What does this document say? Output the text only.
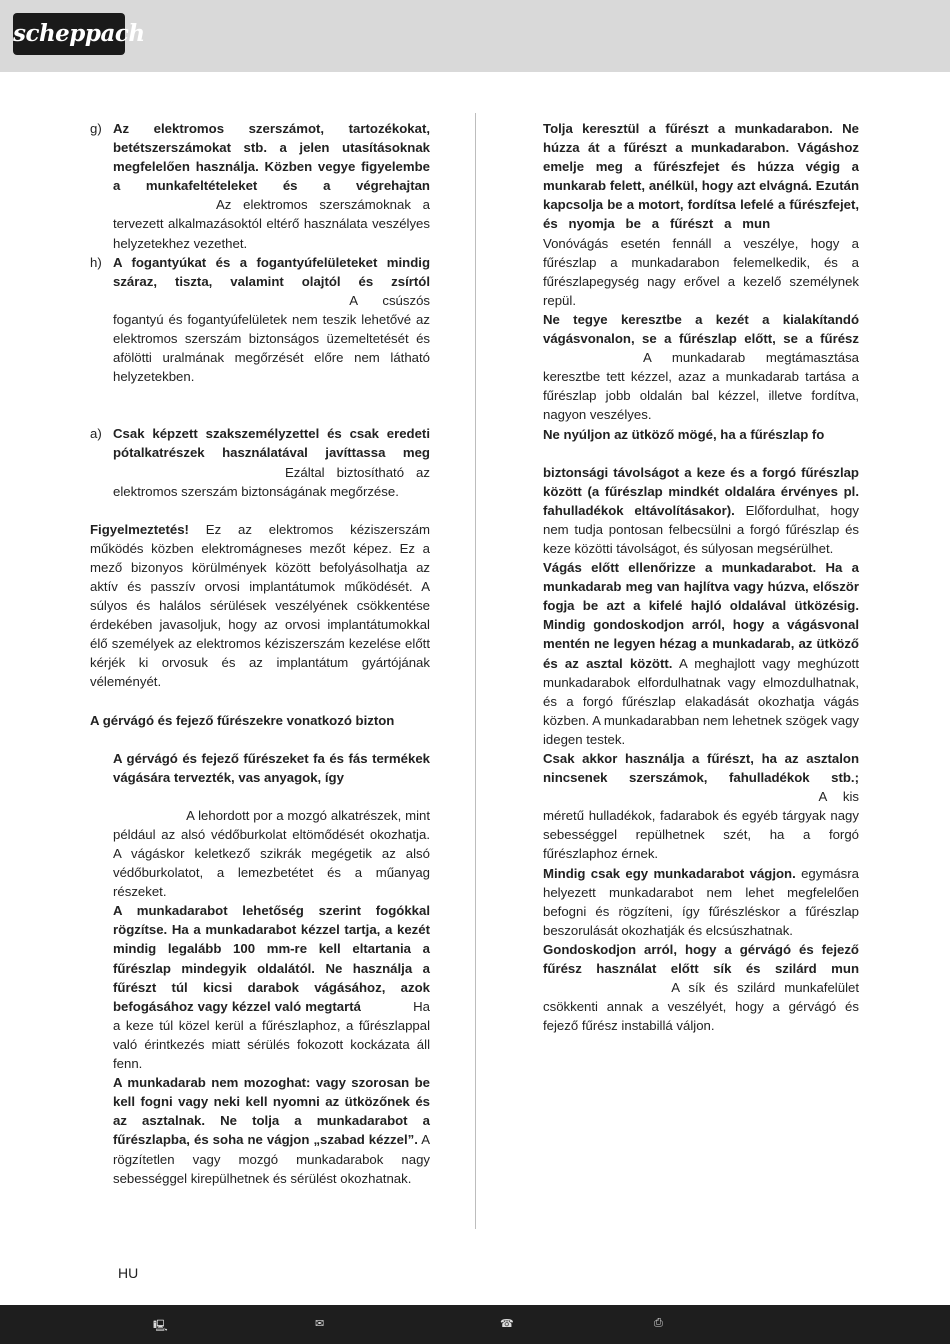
scheppach
g) Az elektromos szerszámot, tartozékokat, betétszerszámokat stb. a jelen utasításoknak megfelelően használja. Közben vegye figyelembe a munkafeltételeket és a végrehajtan  Az elektromos szerszámoknak a tervezett alkalmazásoktól eltérő használata veszélyes helyzetekhez vezethet.
h) A fogantyúkat és a fogantyúfelületeket mindig száraz, tiszta, valamint olajtól és zsírtól  A csúszós fogantyú és fogantyúfelületek nem teszik lehetővé az elektromos szerszám biztonságos üzemeltetését és afölötti uralmának megőrzését előre nem látható helyzetekben.
a) Csak képzett szakszemélyzettel és csak eredeti pótalkatrészek használatával javíttassa meg  Ezáltal biztosítható az elektromos szerszám biztonságának megőrzése.
Figyelmeztetés! Ez az elektromos kéziszerszám működés közben elektromágneses mezőt képez. Ez a mező bizonyos körülmények között befolyásolhatja az aktív és passzív orvosi implantátumok működését. A súlyos és halálos sérülések veszélyének csökkentése érdekében javasoljuk, hogy az orvosi implantátumokkal élő személyek az elektromos kéziszerszám kezelése előtt kérjék ki orvosuk és az implantátum gyártójának véleményét.
A gérvágó és fejező fűrészekre vonatkozó bizton
A gérvágó és fejező fűrészeket fa és fás termékek vágására tervezték, vas anyagok, így
A lehordott por a mozgó alkatrészek, mint például az alsó védőburkolat eltömődését okozhatja. A vágáskor keletkező szikrák megégetik az alsó védőburkolatot, a lemezbetétet és a műanyag részeket.
A munkadarabot lehetőség szerint fogókkal rögzítse. Ha a munkadarabot kézzel tartja, a kezét mindig legalább 100 mm-re kell eltartania a fűrészlap mindegyik oldalától. Ne használja a fűrészt túl kicsi darabok vágásához, azok befogásához vagy kézzel való megtartá	Ha a keze túl közel kerül a fűrészlaphoz, a fűrészlappal való érintkezés miatt sérülés fokozott kockázata áll fenn.
A munkadarab nem mozoghat: vagy szorosan be kell fogni vagy neki kell nyomni az ütközőnek és az asztalnak. Ne tolja a munkadarabot a fűrészlapba, és soha ne vágjon „szabad kézzel”. A rögzítetlen vagy mozgó munkadarabok nagy sebességgel kirepülhetnek és sérülést okozhatnak.
Tolja keresztül a fűrészt a munkadarabon. Ne húzza át a fűrészt a munkadarabon. Vágáshoz emelje meg a fűrészfejet és húzza végig a munkarab felett, anélkül, hogy azt elvágná. Ezután kapcsolja be a motort, fordítsa lefelé a fűrészfejet, és nyomja be a fűrészt a mun  Vonóvágás esetén fennáll a veszélye, hogy a fűrészlap a munkadarabon felemelkedik, és a fűrészlapegység nagy erővel a kezelő személynek repül.
Ne tegye keresztbe a kezét a kialakítandó vágásvonalon, se a fűrészlap előtt, se a fűrész  A munkadarab megtámasztása keresztbe tett kézzel, azaz a munkadarab tartása a fűrészlap jobb oldalán bal kézzel, illetve fordítva, nagyon veszélyes.
Ne nyúljon az ütköző mögé, ha a fűrészlap fo
biztonsági távolságot a keze és a forgó fűrészlap között (a fűrészlap mindkét oldalára érvényes pl. fahulladékok eltávolításakor). Előfordulhat, hogy nem tudja pontosan felbecsülni a forgó fűrészlap és keze közötti távolságot, és súlyosan megsérülhet.
Vágás előtt ellenőrizze a munkadarabot. Ha a munkadarab meg van hajlítva vagy húzva, először fogja be azt a kifelé hajló oldalával ütközésig. Mindig gondoskodjon arról, hogy a vágásvonal mentén ne legyen hézag a munkadarab, az ütköző és az asztal között. A meghajlott vagy meghúzott munkadarabok elfordulhatnak vagy elmozdulhatnak, és a forgó fűrészlap elakadását okozhatja vágás közben. A munkadarabban nem lehetnek szögek vagy idegen testek.
Csak akkor használja a fűrészt, ha az asztalon nincsenek szerszámok, fahulladékok stb.;  A kis méretű hulladékok, fadarabok és egyéb tárgyak nagy sebességgel repülhetnek szét, ha a forgó fűrészlaphoz érnek.
Mindig csak egy munkadarabot vágjon. egymásra helyezett munkadarabot nem lehet megfelelően befogni és rögzíteni, így fűrészléskor a fűrészlap beszorulását okozhatják és elcsúszhatnak.
Gondoskodjon arról, hogy a gérvágó és fejező fűrész használat előtt sík és szilárd mun  A sík és szilárd munkafelület csökkenti annak a veszélyét, hogy a gérvágó és fejező fűrész instabillá váljon.
HU
🖳	✉	☎	⎙
